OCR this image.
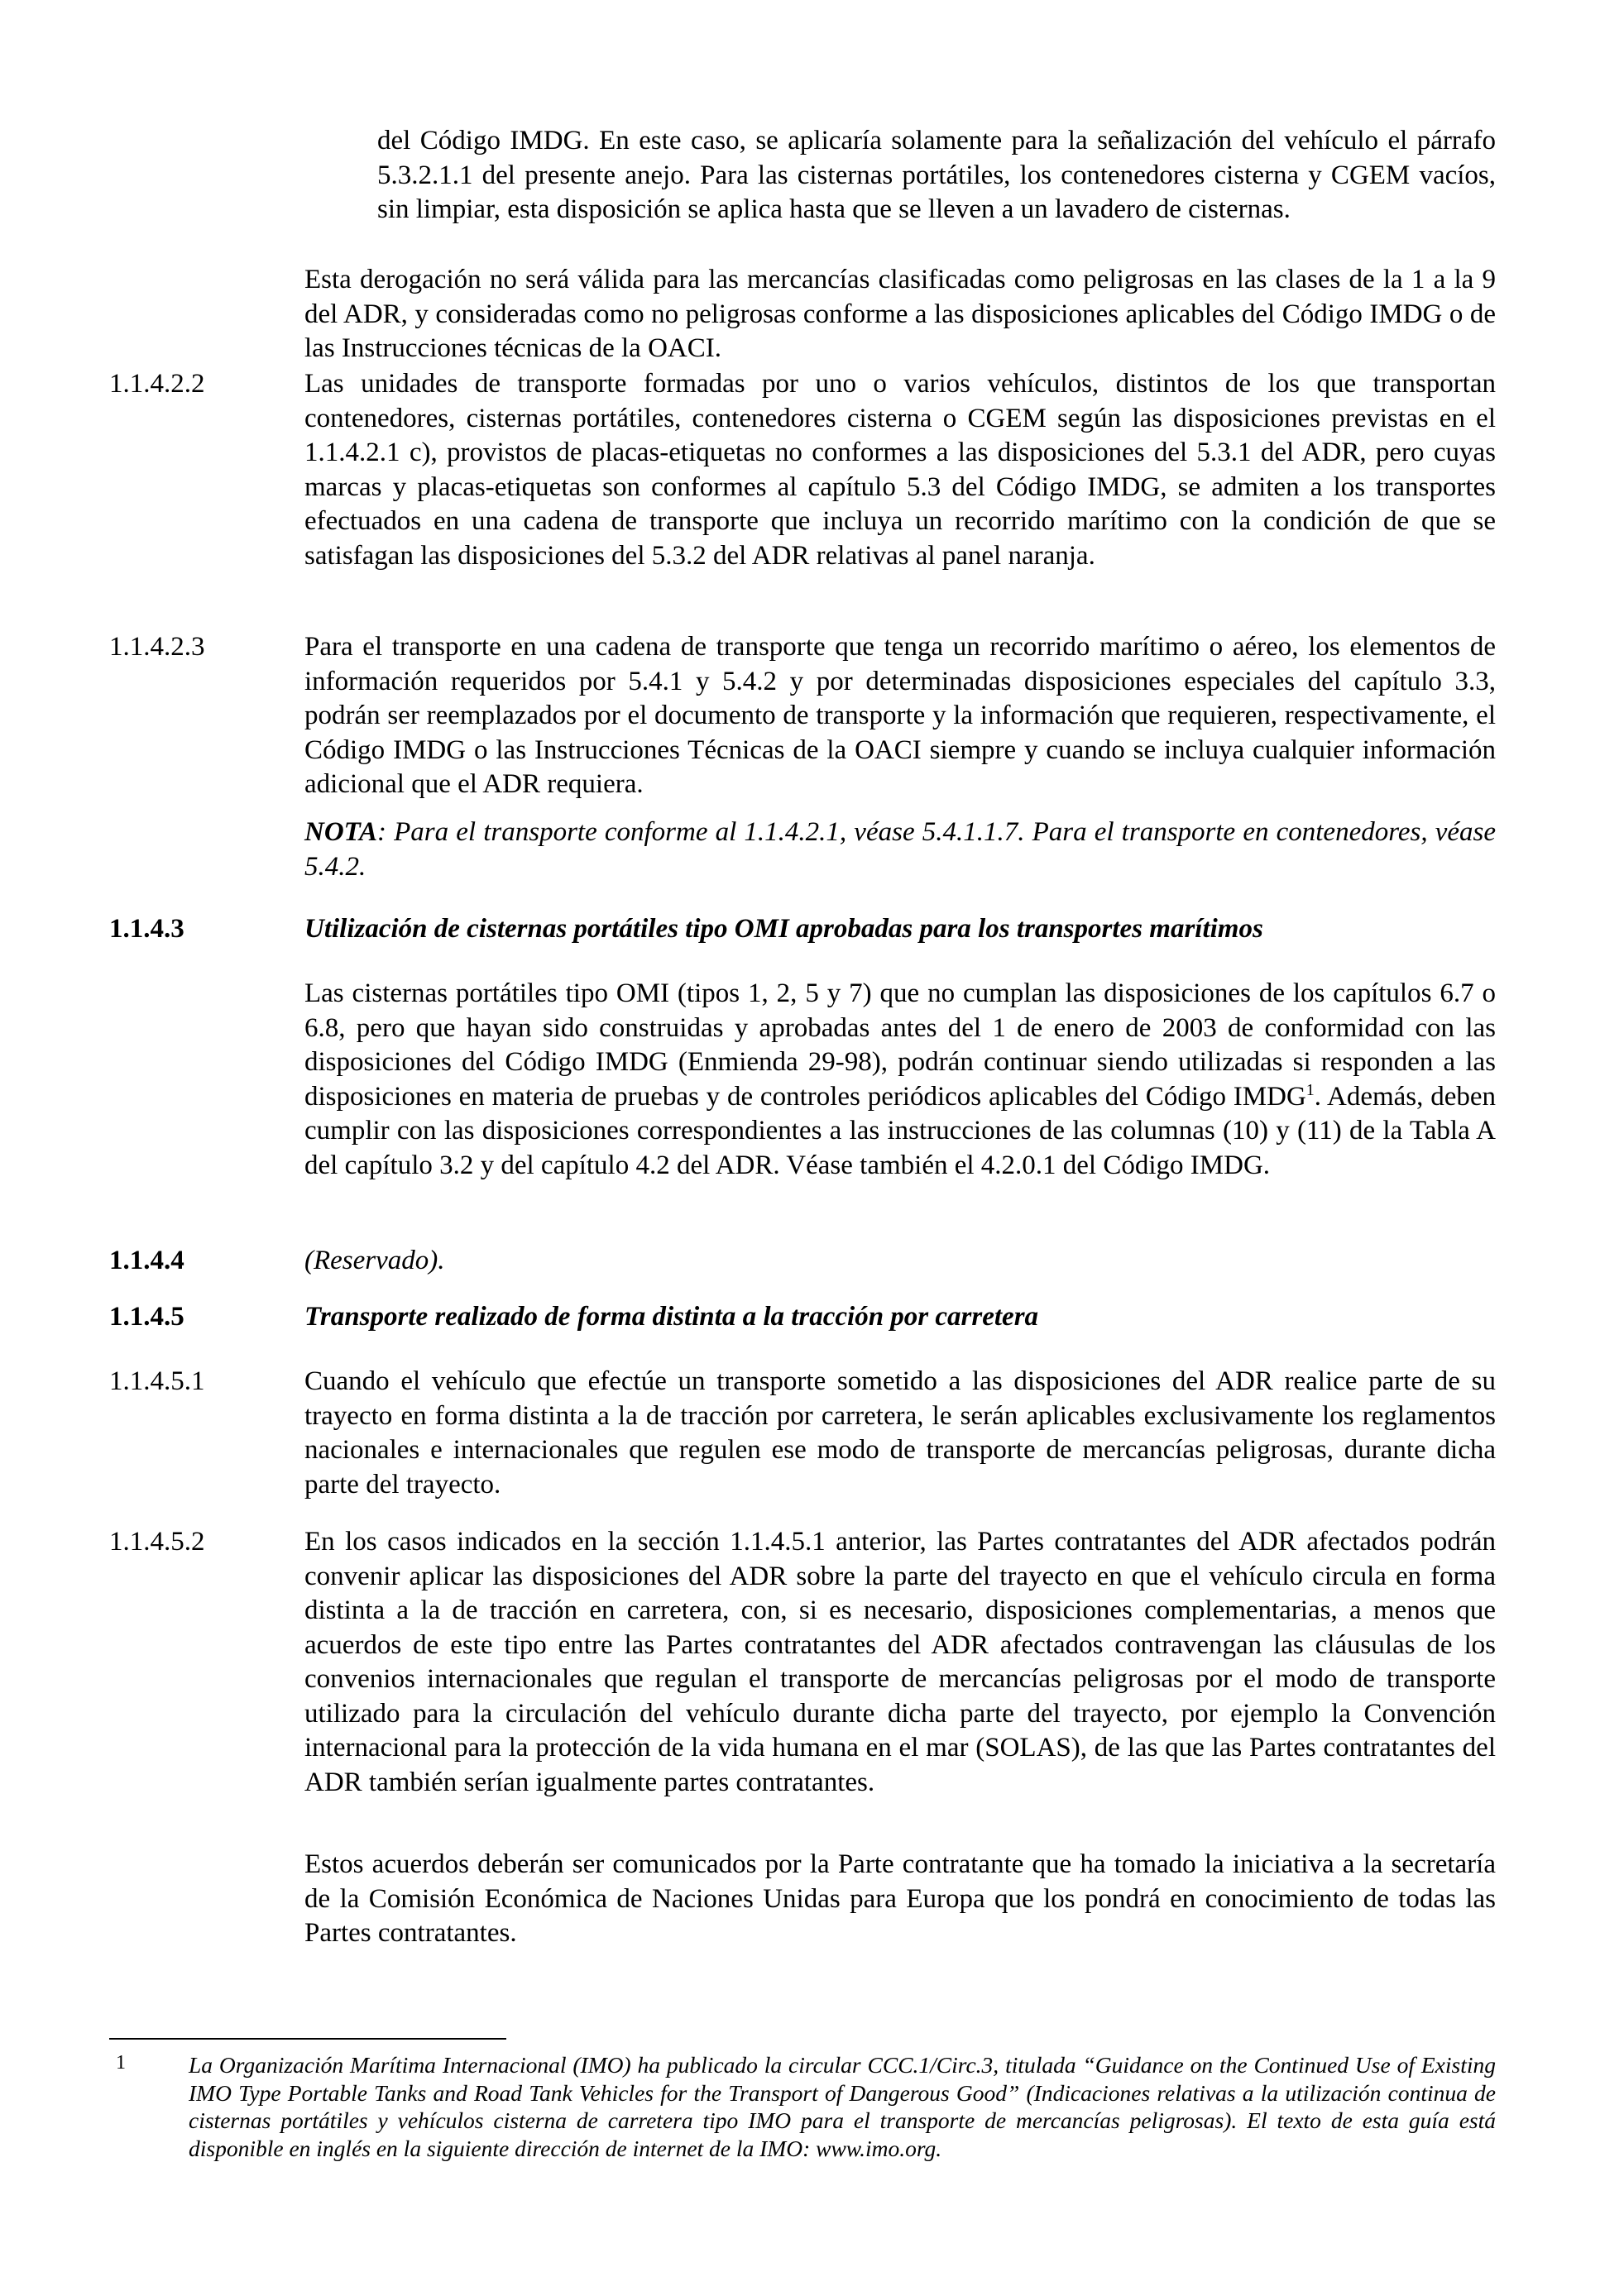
del Código IMDG. En este caso, se aplicaría solamente para la señalización del vehículo el párrafo 5.3.2.1.1 del presente anejo. Para las cisternas portátiles, los contenedores cisterna y CGEM vacíos, sin limpiar, esta disposición se aplica hasta que se lleven a un lavadero de cisternas.

Esta derogación no será válida para las mercancías clasificadas como peligrosas en las clases de la 1 a la 9 del ADR, y consideradas como no peligrosas conforme a las disposiciones aplicables del Código IMDG o de las Instrucciones técnicas de la OACI.

1.1.4.2.2	Las unidades de transporte formadas por uno o varios vehículos, distintos de los que transportan contenedores, cisternas portátiles, contenedores cisterna o CGEM según las disposiciones previstas en el 1.1.4.2.1 c), provistos de placas-etiquetas no conformes a las disposiciones del 5.3.1 del ADR, pero cuyas marcas y placas-etiquetas son conformes al capítulo 5.3 del Código IMDG, se admiten a los transportes efectuados en una cadena de transporte que incluya un recorrido marítimo con la condición de que se satisfagan las disposiciones del 5.3.2 del ADR relativas al panel naranja.

1.1.4.2.3	Para el transporte en una cadena de transporte que tenga un recorrido marítimo o aéreo, los elementos de información requeridos por 5.4.1 y 5.4.2 y por determinadas disposiciones especiales del capítulo 3.3, podrán ser reemplazados por el documento de transporte y la información que requieren, respectivamente, el Código IMDG o las Instrucciones Técnicas de la OACI siempre y cuando se incluya cualquier información adicional que el ADR requiera.

NOTA: Para el transporte conforme al 1.1.4.2.1, véase 5.4.1.1.7. Para el transporte en contenedores, véase 5.4.2.

1.1.4.3	Utilización de cisternas portátiles tipo OMI aprobadas para los transportes marítimos

Las cisternas portátiles tipo OMI (tipos 1, 2, 5 y 7) que no cumplan las disposiciones de los capítulos 6.7 o 6.8, pero que hayan sido construidas y aprobadas antes del 1 de enero de 2003 de conformidad con las disposiciones del Código IMDG (Enmienda 29-98), podrán continuar siendo utilizadas si responden a las disposiciones en materia de pruebas y de controles periódicos aplicables del Código IMDG$^1$. Además, deben cumplir con las disposiciones correspondientes a las instrucciones de las columnas (10) y (11) de la Tabla A del capítulo 3.2 y del capítulo 4.2 del ADR. Véase también el 4.2.0.1 del Código IMDG.

1.1.4.4	(Reservado).

1.1.4.5	Transporte realizado de forma distinta a la tracción por carretera

1.1.4.5.1	Cuando el vehículo que efectúe un transporte sometido a las disposiciones del ADR realice parte de su trayecto en forma distinta a la de tracción por carretera, le serán aplicables exclusivamente los reglamentos nacionales e internacionales que regulen ese modo de transporte de mercancías peligrosas, durante dicha parte del trayecto.

1.1.4.5.2	En los casos indicados en la sección 1.1.4.5.1 anterior, las Partes contratantes del ADR afectados podrán convenir aplicar las disposiciones del ADR sobre la parte del trayecto en que el vehículo circula en forma distinta a la de tracción en carretera, con, si es necesario, disposiciones complementarias, a menos que acuerdos de este tipo entre las Partes contratantes del ADR afectados contravengan las cláusulas de los convenios internacionales que regulan el transporte de mercancías peligrosas por el modo de transporte utilizado para la circulación del vehículo durante dicha parte del trayecto, por ejemplo la Convención internacional para la protección de la vida humana en el mar (SOLAS), de las que las Partes contratantes del ADR también serían igualmente partes contratantes.

Estos acuerdos deberán ser comunicados por la Parte contratante que ha tomado la iniciativa a la secretaría de la Comisión Económica de Naciones Unidas para Europa que los pondrá en conocimiento de todas las Partes contratantes.

1	La Organización Marítima Internacional (IMO) ha publicado la circular CCC.1/Circ.3, titulada “Guidance on the Continued Use of Existing IMO Type Portable Tanks and Road Tank Vehicles for the Transport of Dangerous Good” (Indicaciones relativas a la utilización continua de cisternas portátiles y vehículos cisterna de carretera tipo IMO para el transporte de mercancías peligrosas). El texto de esta guía está disponible en inglés en la siguiente dirección de internet de la IMO: www.imo.org.
